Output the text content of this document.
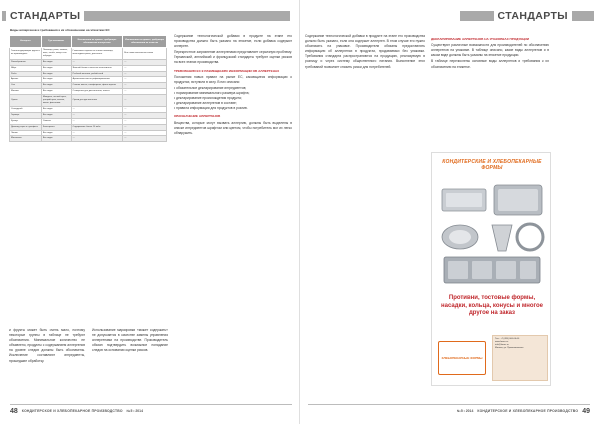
СТАНДАРТЫ
Виды аллергенов и требования к их обозначению на этикетках ЕС
Аллерген	Где возникают	Исключения из правил, требующих обозначения аллергенов	Исключения из правил, требующих обозначения на этикетке
Глютенсодержащие крупы и их производные	Пшеница, рожь, ячмень, овес, полба, камут и их гибриды	Глюкозные сиропы на основе пшеницы, мальтодекстрины, дистиллят	Все самостоятельные злаки
Ракообразные	Все виды	—	—
Яйца	Все виды	Яичный белок в качестве осветлителя	—
Рыба	Все виды	Рыбный желатин, рыбий клей	—
Арахис	Все виды	Арахисовое масло рафинированное	—
Соя	Все виды	Соевое масло, токоферолы, фитостеролы	—
Молоко	Все виды	Сыворотка для дистиллятов, лактит	—
Орехи	Миндаль, лесной орех, грецкий орех, кешью, пекан, фисташки	Орехи для дистиллятов	—
Сельдерей	Все виды	—	—
Горчица	Все виды	—	—
Кунжут	Семена	—	—
Диоксид серы и сульфиты	Консервант	Содержание более 10 мг/кг	—
Люпин	Все виды	—	—
Моллюски	Все виды	—	—

и фрукты может быть очень мало, поэтому некоторые группы в таблице не требуют обозначения. Минимальное количество не объявлено, продукты с содержанием аллергенов на уровне следов должны быть обозначены. Исключение составляют ингредиенты, прошедшие обработку.

Использование маркировки «может содержать» не допускается в качестве замены управления аллергенами на производстве. Производитель обязан подтвердить возможное попадание следов на основании оценки рисков.

Содержание технологической добавки в продукте на этапе его производства должно быть указано на этикетке, если добавка содержит аллерген.

Перекрестное загрязнение аллергенами представляет серьезную проблему. Германский, английский и французский стандарты требуют оценки рисков на всех этапах производства.

ТРЕБОВАНИЯ ЕС К РАЗМЕЩЕНИЮ ИНФОРМАЦИИ ОБ АЛЛЕРГЕНАХ

Положения новых правил на рынке ЕС, касающиеся информации о продуктах, вступили в силу. В них описано:

• обязательное декларирование ингредиентов;
• нормирование минимального размера шрифта;
• декларирование происхождения продукта;
• декларирование аллергенов в составе;
• правила информации для продуктов в розлив.
ОБОЗНАЧЕНИЕ АЛЛЕРГЕНОВ

Вещества, которые могут вызвать аллергию, должны быть выделены в списке ингредиентов шрифтом или цветом, чтобы потребитель мог их легко обнаружить.

48 КОНДИТЕРСКОЕ И ХЛЕБОПЕКАРНОЕ ПРОИЗВОДСТВО №5 • 2014
СТАНДАРТЫ
№5 • 2014 КОНДИТЕРСКОЕ И ХЛЕБОПЕКАРНОЕ ПРОИЗВОДСТВО 49

Содержание технологической добавки в продукте на этапе его производства должно быть указано, если она содержит аллерген. В этом случае его нужно обозначить на упаковке. Производители обязаны предоставлять информацию об аллергенах в продуктах, продаваемых без упаковки. Требования стандарта распространяются на продукцию, реализуемую в розницу и через систему общественного питания. Выполнение этих требований позволяет снизить риски для потребителей.

ДЕКЛАРИРОВАНИЕ АЛЛЕРГЕНОВ НА УПАКОВКАХ ПРОДУКЦИИ

Существуют различные возможности для производителей по обозначению аллергенов на упаковке. В таблице описано, какие виды аллергенов и в каком виде должны быть указаны на этикетке продукции.

В таблице перечислены основные виды аллергенов и требования к их обозначению на этикетке.

КОНДИТЕРСКИЕ И ХЛЕБОПЕКАРНЫЕ ФОРМЫ
Противни, тостовые формы, насадки, кольца, конусы и многое другое на заказ
ХЛЕБОПЕКАРНЫЕ ФОРМЫ
Тел.: +7 (495) 000-00-00
www.forms.ru
info@forms.ru
Москва, ул. Промышленная
